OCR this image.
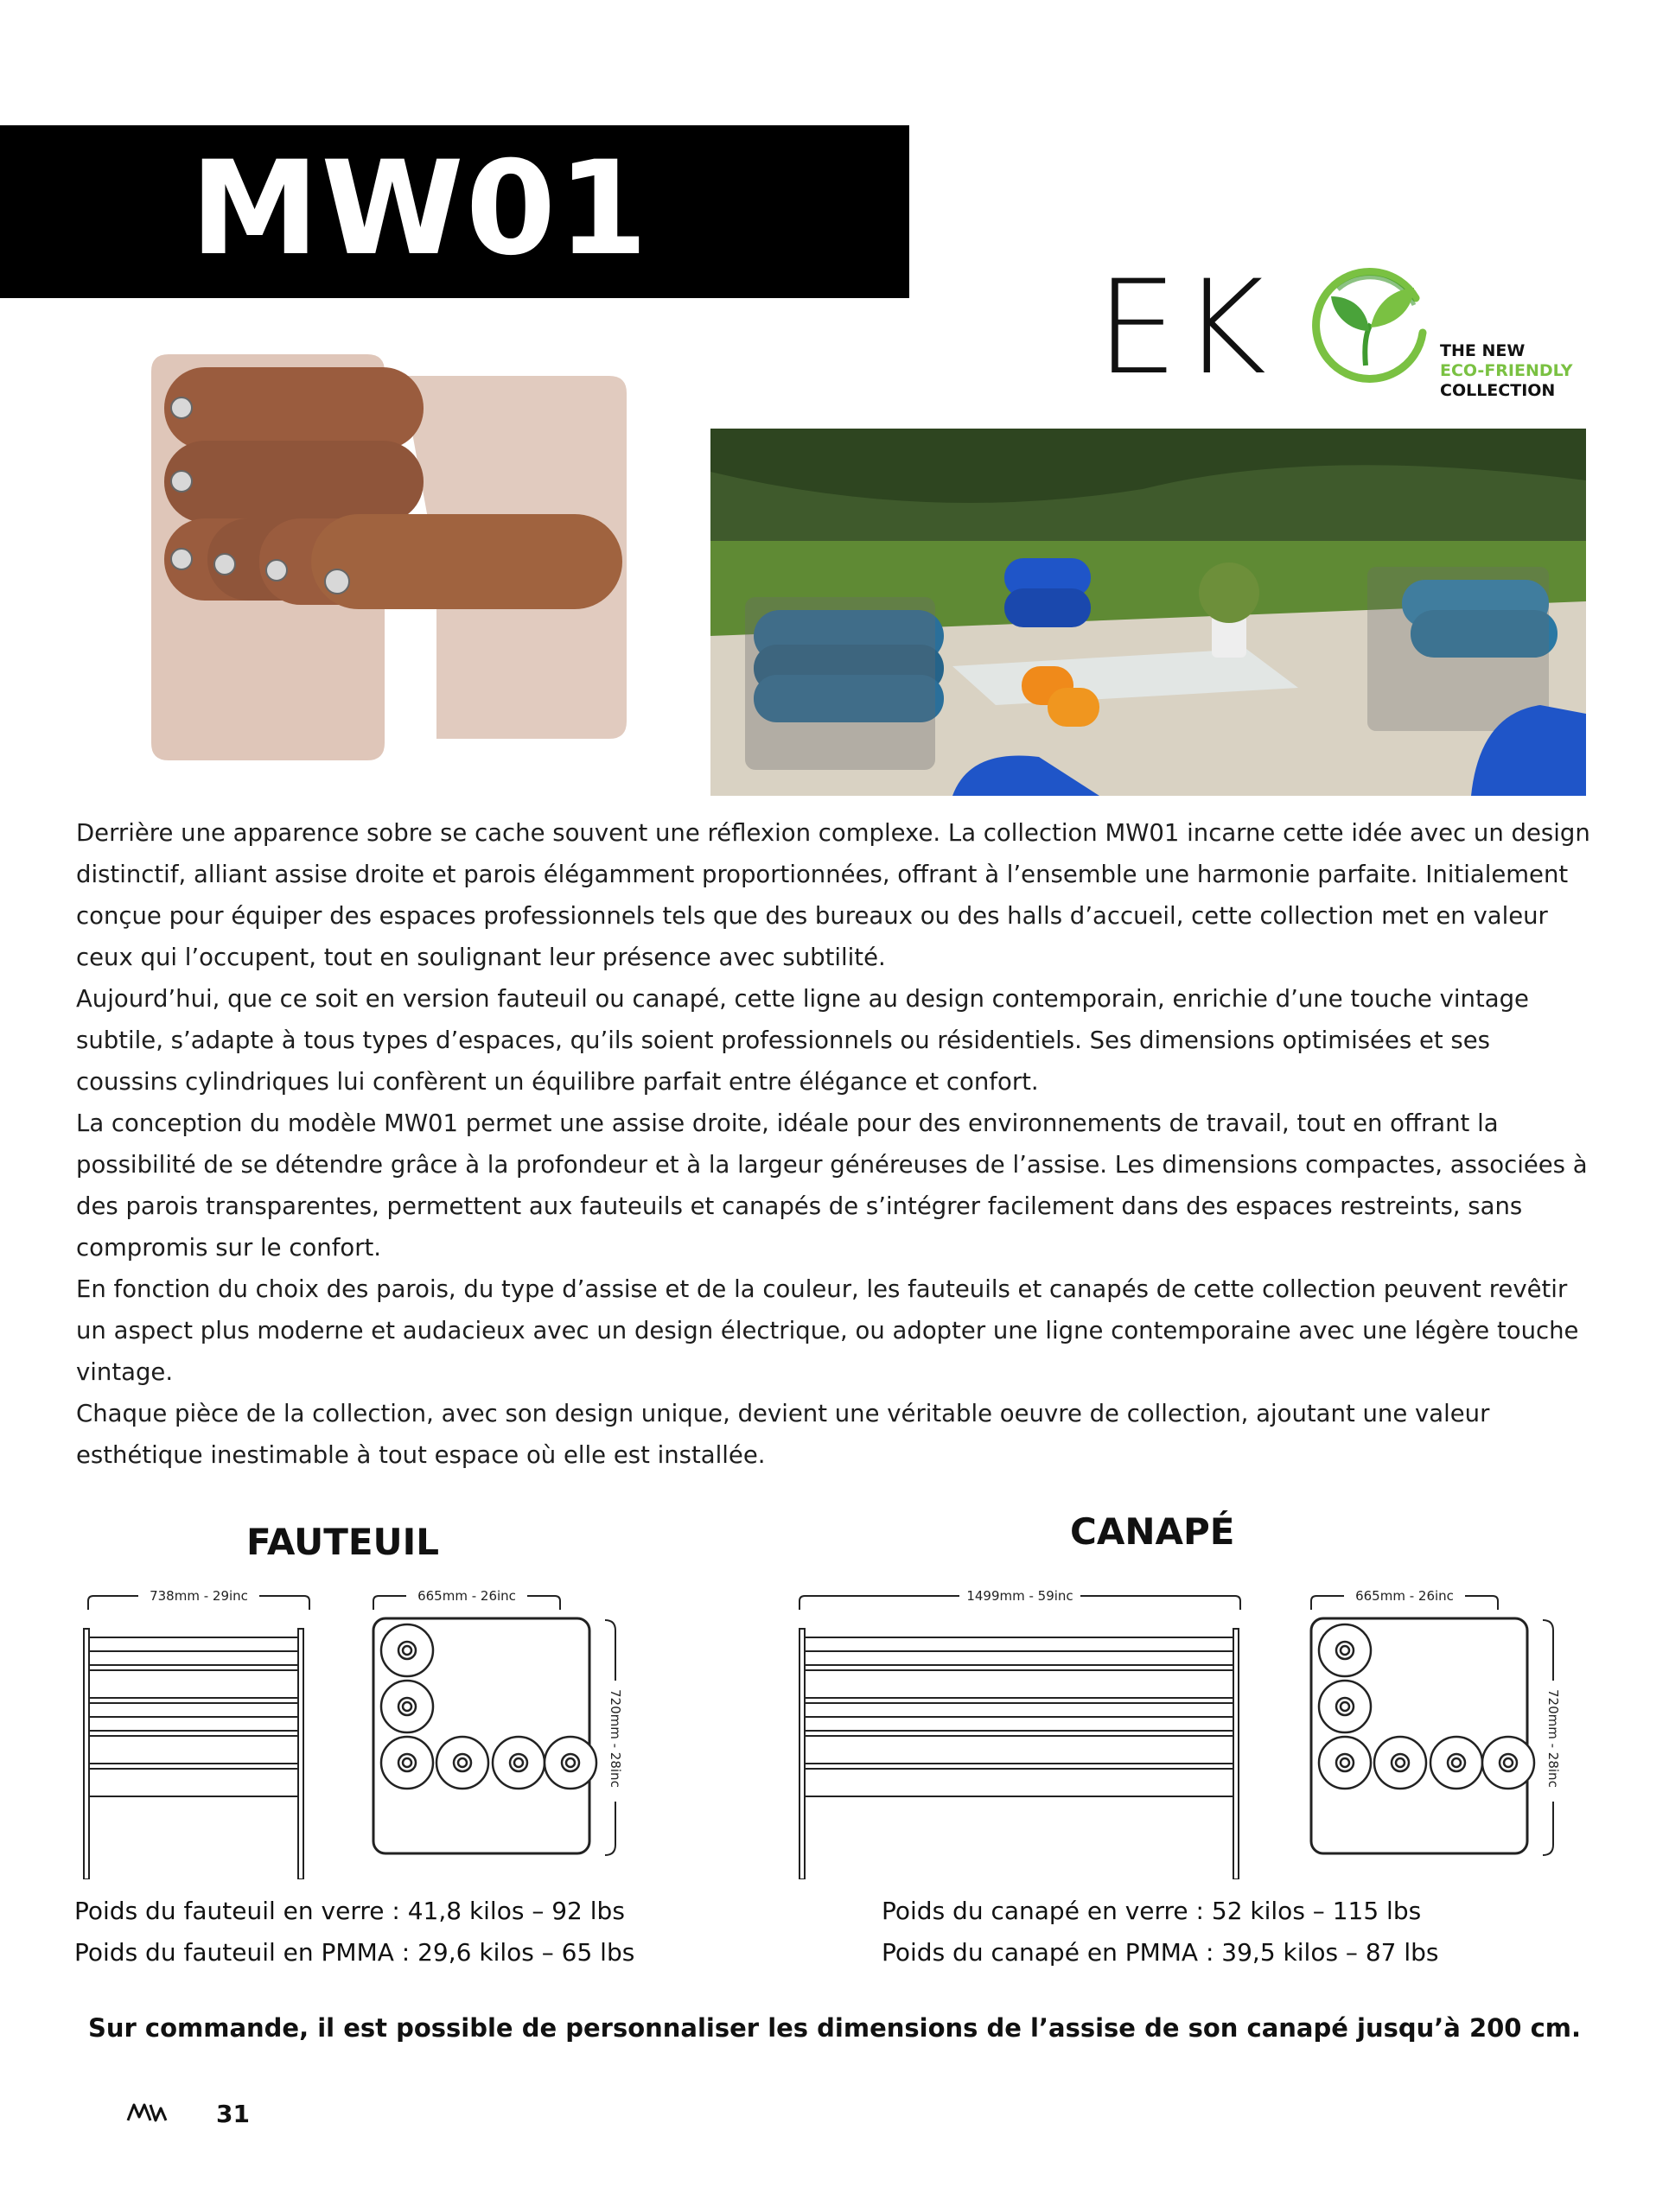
MW01
EK	THE NEW
ECO-FRIENDLY
COLLECTION

Derrière une apparence sobre se cache souvent une réflexion complexe. La collection MW01 incarne cette idée avec un design distinctif, alliant assise droite et parois élégamment proportionnées, offrant à l’ensemble une harmonie parfaite. Initialement conçue pour équiper des espaces professionnels tels que des bureaux ou des halls d’accueil, cette collection met en valeur ceux qui l’occupent, tout en soulignant leur présence avec subtilité.

Aujourd’hui, que ce soit en version fauteuil ou canapé, cette ligne au design contemporain, enrichie d’une touche vintage subtile, s’adapte à tous types d’espaces, qu’ils soient professionnels ou résidentiels. Ses dimensions optimisées et ses coussins cylindriques lui confèrent un équilibre parfait entre élégance et confort.

La conception du modèle MW01 permet une assise droite, idéale pour des environnements de travail, tout en offrant la possibilité de se détendre grâce à la profondeur et à la largeur généreuses de l’assise. Les dimensions compactes, associées à des parois transparentes, permettent aux fauteuils et canapés de s’intégrer facilement dans des espaces restreints, sans compromis sur le confort.

En fonction du choix des parois, du type d’assise et de la couleur, les fauteuils et canapés de cette collection peuvent revêtir un aspect plus moderne et audacieux avec un design électrique, ou adopter une ligne contemporaine avec une légère touche vintage.

Chaque pièce de la collection, avec son design unique, devient une véritable oeuvre de collection, ajoutant une valeur esthétique inestimable à tout espace où elle est installée.

FAUTEUIL	CANAPÉ
738mm - 29inc	665mm - 26inc
720mm - 28inc
1499mm - 59inc	665mm - 26inc
720mm - 28inc

Poids du fauteuil en verre : 41,8 kilos – 92 lbs

Poids du fauteuil en PMMA : 29,6 kilos – 65 lbs

Poids du canapé en verre : 52 kilos – 115 lbs

Poids du canapé en PMMA : 39,5 kilos – 87 lbs

Sur commande, il est possible de personnaliser les dimensions de l’assise de son canapé jusqu’à 200 cm.
31
